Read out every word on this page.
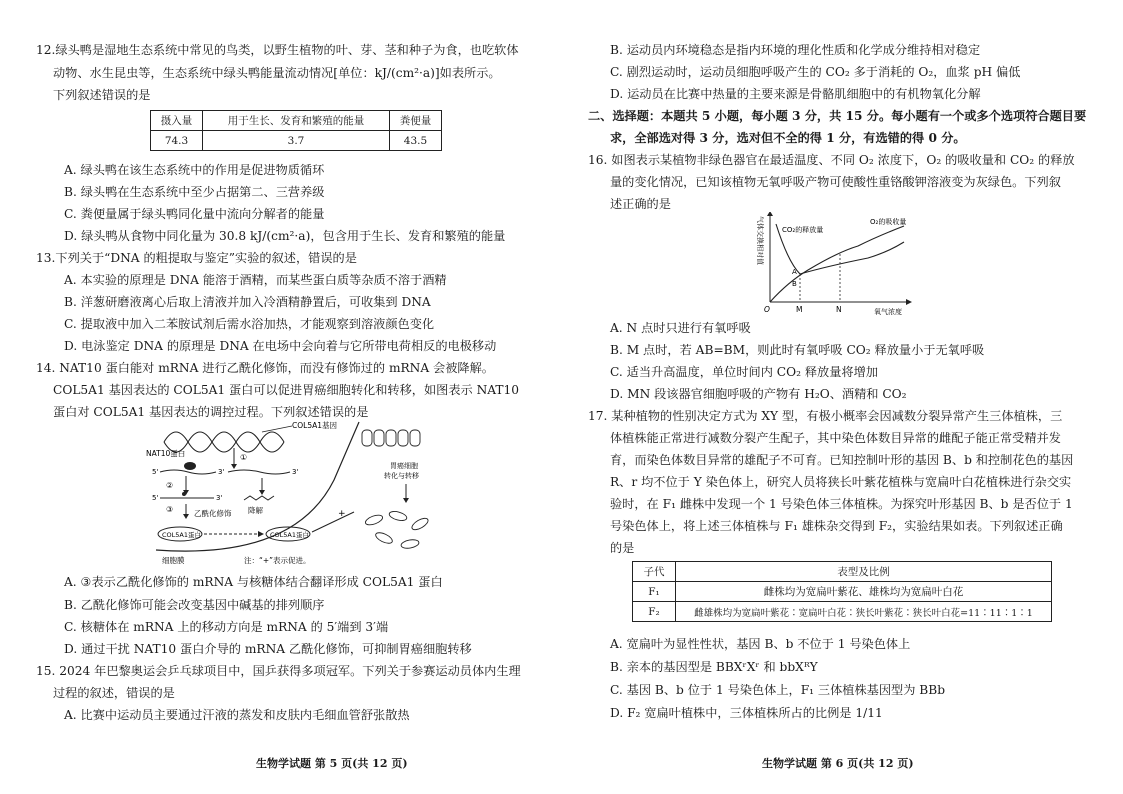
12.绿头鸭是湿地生态系统中常见的鸟类，以野生植物的叶、芽、茎和种子为食，也吃软体
动物、水生昆虫等，生态系统中绿头鸭能量流动情况[单位：kJ/(cm²·a)]如表所示。
下列叙述错误的是
摄入量	用于生长、发育和繁殖的能量	粪便量
74.3	3.7	43.5
A. 绿头鸭在该生态系统中的作用是促进物质循环
B. 绿头鸭在生态系统中至少占据第二、三营养级
C. 粪便量属于绿头鸭同化量中流向分解者的能量
D. 绿头鸭从食物中同化量为 30.8 kJ/(cm²·a)，包含用于生长、发育和繁殖的能量
13.下列关于“DNA 的粗提取与鉴定”实验的叙述，错误的是
A. 本实验的原理是 DNA 能溶于酒精，而某些蛋白质等杂质不溶于酒精
B. 洋葱研磨液离心后取上清液并加入冷酒精静置后，可收集到 DNA
C. 提取液中加入二苯胺试剂后需水浴加热，才能观察到溶液颜色变化
D. 电泳鉴定 DNA 的原理是 DNA 在电场中会向着与它所带电荷相反的电极移动
14. NAT10 蛋白能对 mRNA 进行乙酰化修饰，而没有修饰过的 mRNA 会被降解。
COL5A1 基因表达的 COL5A1 蛋白可以促进胃癌细胞转化和转移，如图表示 NAT10
蛋白对 COL5A1 基因表达的调控过程。下列叙述错误的是
COL5A1基因
①
NAT10蛋白
5'	3'	3'
②
5'	3'
降解
③	乙酰化修饰
COL5A1蛋白	COL5A1蛋白
细胞膜	注：“+”表示促进。
+
胃癌细胞
转化与转移
A. ③表示乙酰化修饰的 mRNA 与核糖体结合翻译形成 COL5A1 蛋白
B. 乙酰化修饰可能会改变基因中碱基的排列顺序
C. 核糖体在 mRNA 上的移动方向是 mRNA 的 5′端到 3′端
D. 通过干扰 NAT10 蛋白介导的 mRNA 乙酰化修饰，可抑制胃癌细胞转移
15. 2024 年巴黎奥运会乒乓球项目中，国乒获得多项冠军。下列关于参赛运动员体内生理
过程的叙述，错误的是
A. 比赛中运动员主要通过汗液的蒸发和皮肤内毛细血管舒张散热
生物学试题 第 5 页(共 12 页)
B. 运动员内环境稳态是指内环境的理化性质和化学成分维持相对稳定
C. 剧烈运动时，运动员细胞呼吸产生的 CO₂ 多于消耗的 O₂，血浆 pH 偏低
D. 运动员在比赛中热量的主要来源是骨骼肌细胞中的有机物氧化分解
二、选择题：本题共 5 小题，每小题 3 分，共 15 分。每小题有一个或多个选项符合题目要
求，全部选对得 3 分，选对但不全的得 1 分，有选错的得 0 分。
16. 如图表示某植物非绿色器官在最适温度、不同 O₂ 浓度下，O₂ 的吸收量和 CO₂ 的释放
量的变化情况，已知该植物无氧呼吸产物可使酸性重铬酸钾溶液变为灰绿色。下列叙
述正确的是
气体交换相对值	CO₂的释放量
O₂的吸收量
A
B
O	M	N	氧气浓度
A. N 点时只进行有氧呼吸
B. M 点时，若 AB=BM，则此时有氧呼吸 CO₂ 释放量小于无氧呼吸
C. 适当升高温度，单位时间内 CO₂ 释放量将增加
D. MN 段该器官细胞呼吸的产物有 H₂O、酒精和 CO₂
17. 某种植物的性别决定方式为 XY 型，有极小概率会因减数分裂异常产生三体植株，三
体植株能正常进行减数分裂产生配子，其中染色体数目异常的雌配子能正常受精并发
育，而染色体数目异常的雄配子不可育。已知控制叶形的基因 B、b 和控制花色的基因
R、r 均不位于 Y 染色体上，研究人员将狭长叶紫花植株与宽扁叶白花植株进行杂交实
验时，在 F₁ 雌株中发现一个 1 号染色体三体植株。为探究叶形基因 B、b 是否位于 1
号染色体上，将上述三体植株与 F₁ 雄株杂交得到 F₂，实验结果如表。下列叙述正确
的是
子代	表型及比例
F₁	雌株均为宽扁叶紫花、雄株均为宽扁叶白花
F₂	雌雄株均为宽扁叶紫花∶宽扁叶白花∶狭长叶紫花∶狭长叶白花=11∶11∶1∶1
A. 宽扁叶为显性性状，基因 B、b 不位于 1 号染色体上
B. 亲本的基因型是 BBXʳXʳ 和 bbXᴿY
C. 基因 B、b 位于 1 号染色体上，F₁ 三体植株基因型为 BBb
D. F₂ 宽扁叶植株中，三体植株所占的比例是 1/11
生物学试题 第 6 页(共 12 页)
